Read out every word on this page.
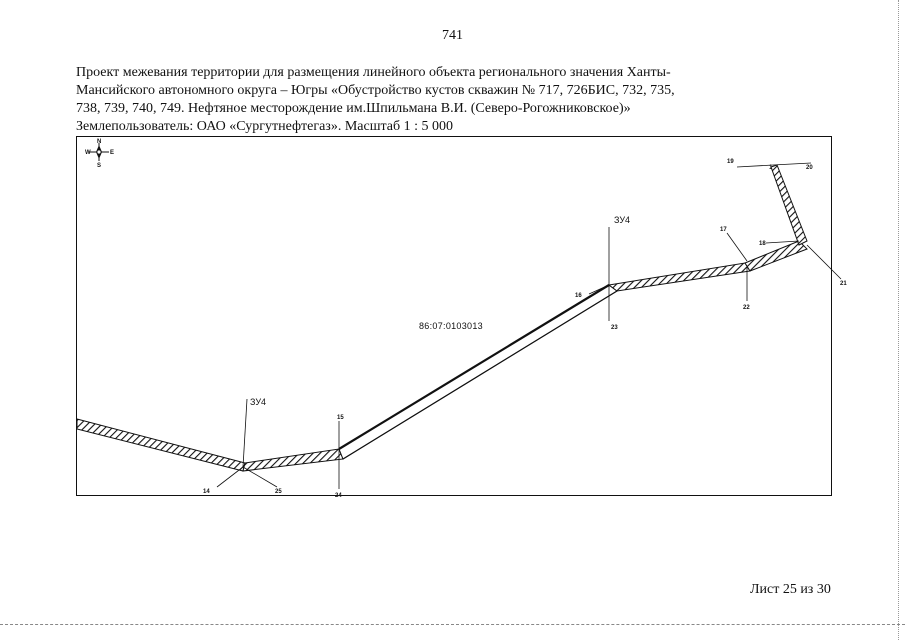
741
Проект межевания территории для размещения линейного объекта регионального значения Ханты-
Мансийского автономного округа – Югры «Обустройство кустов скважин № 717, 726БИС, 732, 735,
738, 739, 740, 749. Нефтяное месторождение им.Шпильмана В.И. (Северо-Рогожниковское)»
Землепользователь: ОАО «Сургутнефтегаз». Масштаб 1 : 5 000
N
S
W	E
86:07:0103013
ЗУ4
ЗУ4
14
15
16
17
18
19
20
21
22
23
24
25
1
Лист 25 из 30
